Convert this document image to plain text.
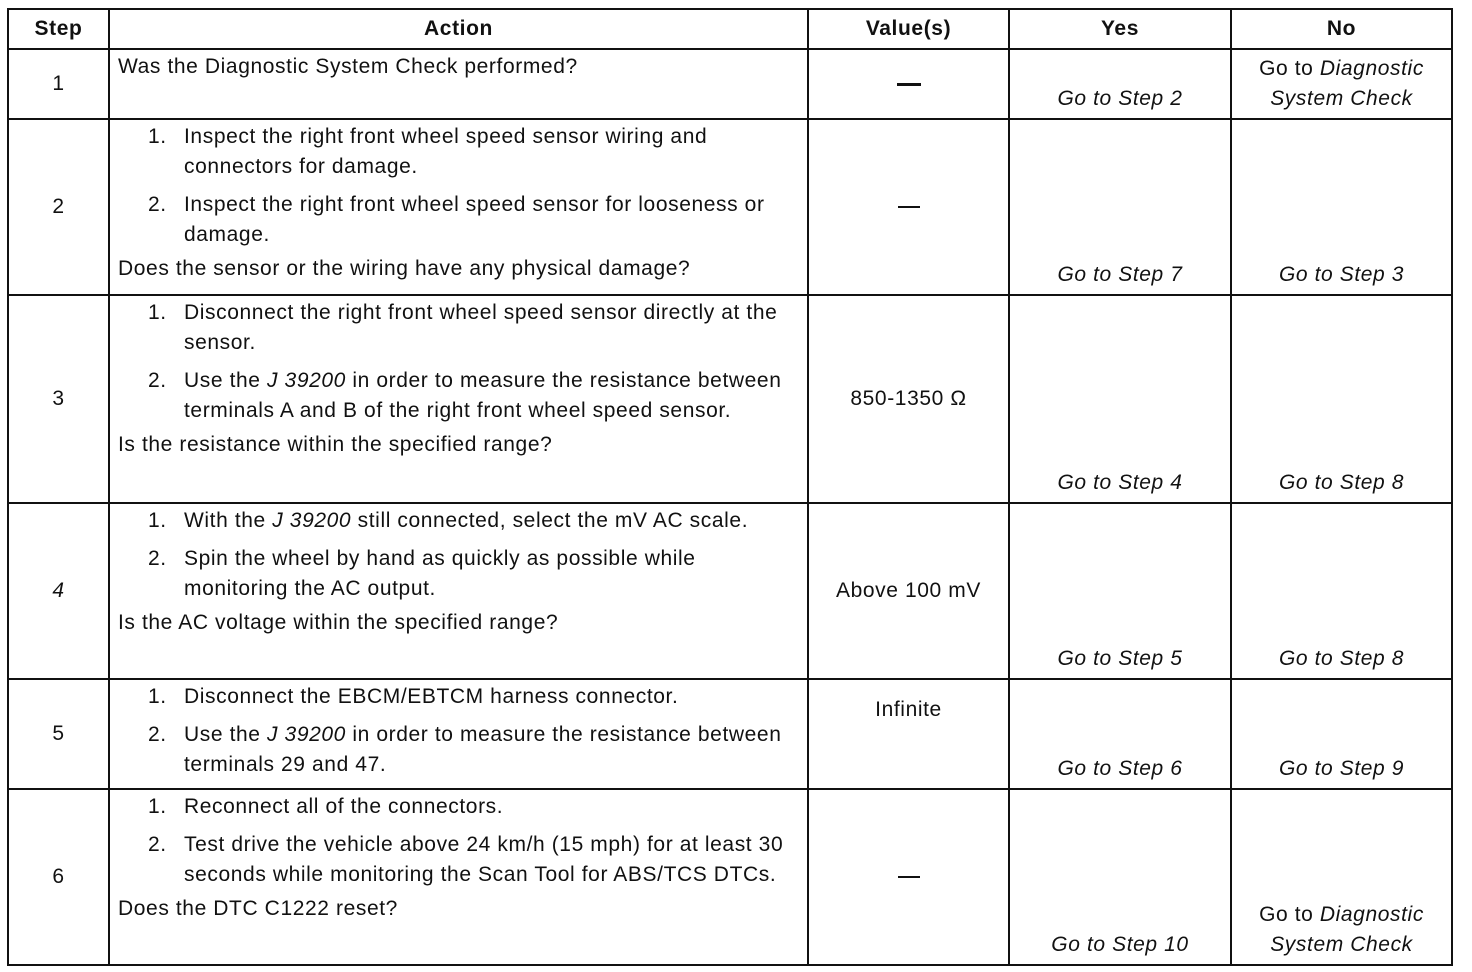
Step	Action	Value(s)	Yes	No
1	Was the Diagnostic System Check performed?		Go to Step 2	Go to Diagnostic System Check
2	1. Inspect the right front wheel speed sensor wiring and connectors for damage.
2. Inspect the right front wheel speed sensor for looseness or damage.
Does the sensor or the wiring have any physical damage?		Go to Step 7	Go to Step 3
3	1. Disconnect the right front wheel speed sensor directly at the sensor.
2. Use the J 39200 in order to measure the resistance between terminals A and B of the right front wheel speed sensor.
Is the resistance within the specified range?	850-1350 Ω	Go to Step 4	Go to Step 8
4	1. With the J 39200 still connected, select the mV AC scale.
2. Spin the wheel by hand as quickly as possible while monitoring the AC output.
Is the AC voltage within the specified range?	Above 100 mV	Go to Step 5	Go to Step 8
5	1. Disconnect the EBCM/EBTCM harness connector.
2. Use the J 39200 in order to measure the resistance between terminals 29 and 47.	Infinite	Go to Step 6	Go to Step 9
6	1. Reconnect all of the connectors.
2. Test drive the vehicle above 24 km/h (15 mph) for at least 30 seconds while monitoring the Scan Tool for ABS/TCS DTCs.
Does the DTC C1222 reset?		Go to Step 10	Go to Diagnostic System Check
